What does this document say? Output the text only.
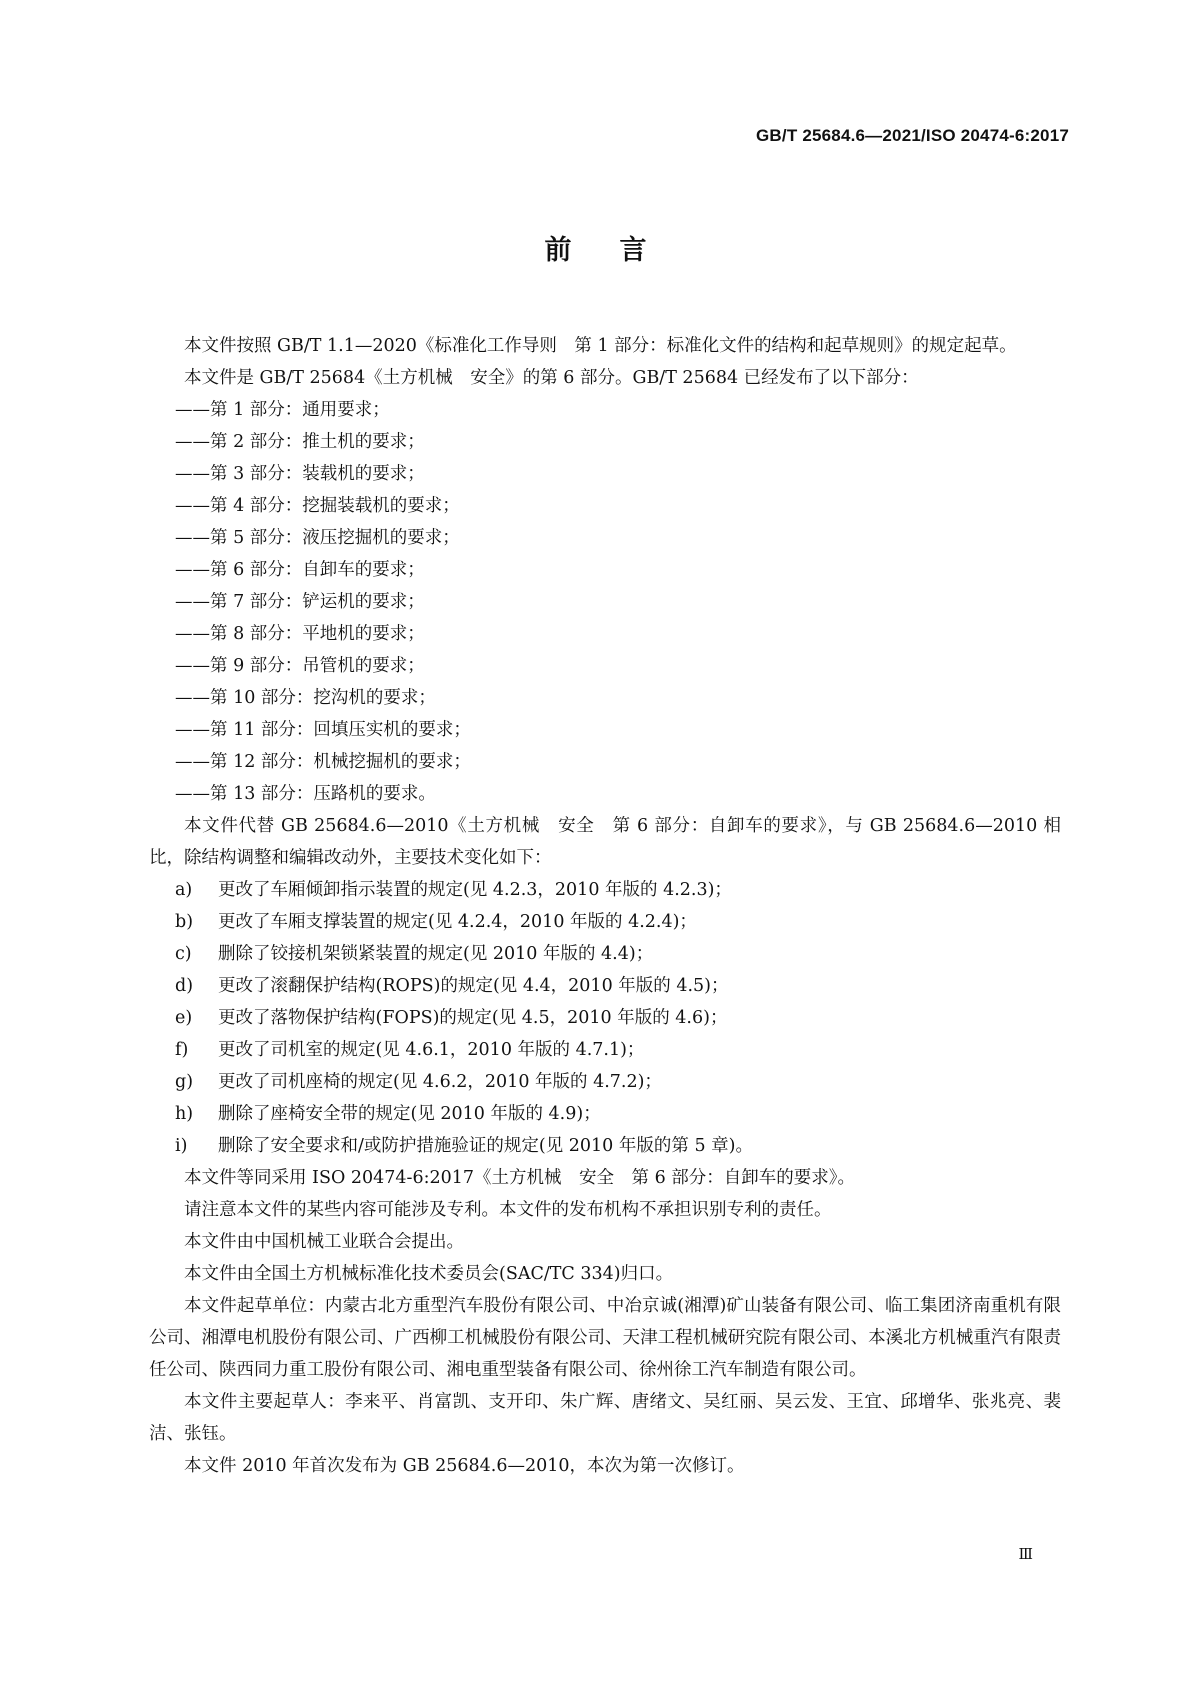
GB/T 25684.6—2021/ISO 20474-6:2017
前 言

本文件按照 GB/T 1.1—2020《标准化工作导则　第 1 部分：标准化文件的结构和起草规则》的规定起草。

本文件是 GB/T 25684《土方机械　安全》的第 6 部分。GB/T 25684 已经发布了以下部分：

—— 第 1 部分：通用要求；

—— 第 2 部分：推土机的要求；

—— 第 3 部分：装载机的要求；

—— 第 4 部分：挖掘装载机的要求；

—— 第 5 部分：液压挖掘机的要求；

—— 第 6 部分：自卸车的要求；

—— 第 7 部分：铲运机的要求；

—— 第 8 部分：平地机的要求；

—— 第 9 部分：吊管机的要求；

—— 第 10 部分：挖沟机的要求；

—— 第 11 部分：回填压实机的要求；

—— 第 12 部分：机械挖掘机的要求；

—— 第 13 部分：压路机的要求。

本文件代替 GB 25684.6—2010《土方机械　安全　第 6 部分：自卸车的要求》，与 GB 25684.6—2010 相比，除结构调整和编辑改动外，主要技术变化如下：

a) 更改了车厢倾卸指示装置的规定(见 4.2.3，2010 年版的 4.2.3)；

b) 更改了车厢支撑装置的规定(见 4.2.4，2010 年版的 4.2.4)；

c) 删除了铰接机架锁紧装置的规定(见 2010 年版的 4.4)；

d) 更改了滚翻保护结构(ROPS)的规定(见 4.4，2010 年版的 4.5)；

e) 更改了落物保护结构(FOPS)的规定(见 4.5，2010 年版的 4.6)；

f) 更改了司机室的规定(见 4.6.1，2010 年版的 4.7.1)；

g) 更改了司机座椅的规定(见 4.6.2，2010 年版的 4.7.2)；

h) 删除了座椅安全带的规定(见 2010 年版的 4.9)；

i) 删除了安全要求和/或防护措施验证的规定(见 2010 年版的第 5 章)。

本文件等同采用 ISO 20474-6:2017《土方机械　安全　第 6 部分：自卸车的要求》。

请注意本文件的某些内容可能涉及专利。本文件的发布机构不承担识别专利的责任。

本文件由中国机械工业联合会提出。

本文件由全国土方机械标准化技术委员会(SAC/TC 334)归口。

本文件起草单位：内蒙古北方重型汽车股份有限公司、中冶京诚(湘潭)矿山装备有限公司、临工集团济南重机有限公司、湘潭电机股份有限公司、广西柳工机械股份有限公司、天津工程机械研究院有限公司、本溪北方机械重汽有限责任公司、陕西同力重工股份有限公司、湘电重型装备有限公司、徐州徐工汽车制造有限公司。

本文件主要起草人：李来平、肖富凯、支开印、朱广辉、唐绪文、吴红丽、吴云发、王宜、邱增华、张兆亮、裴洁、张钰。

本文件 2010 年首次发布为 GB 25684.6—2010，本次为第一次修订。

Ⅲ
